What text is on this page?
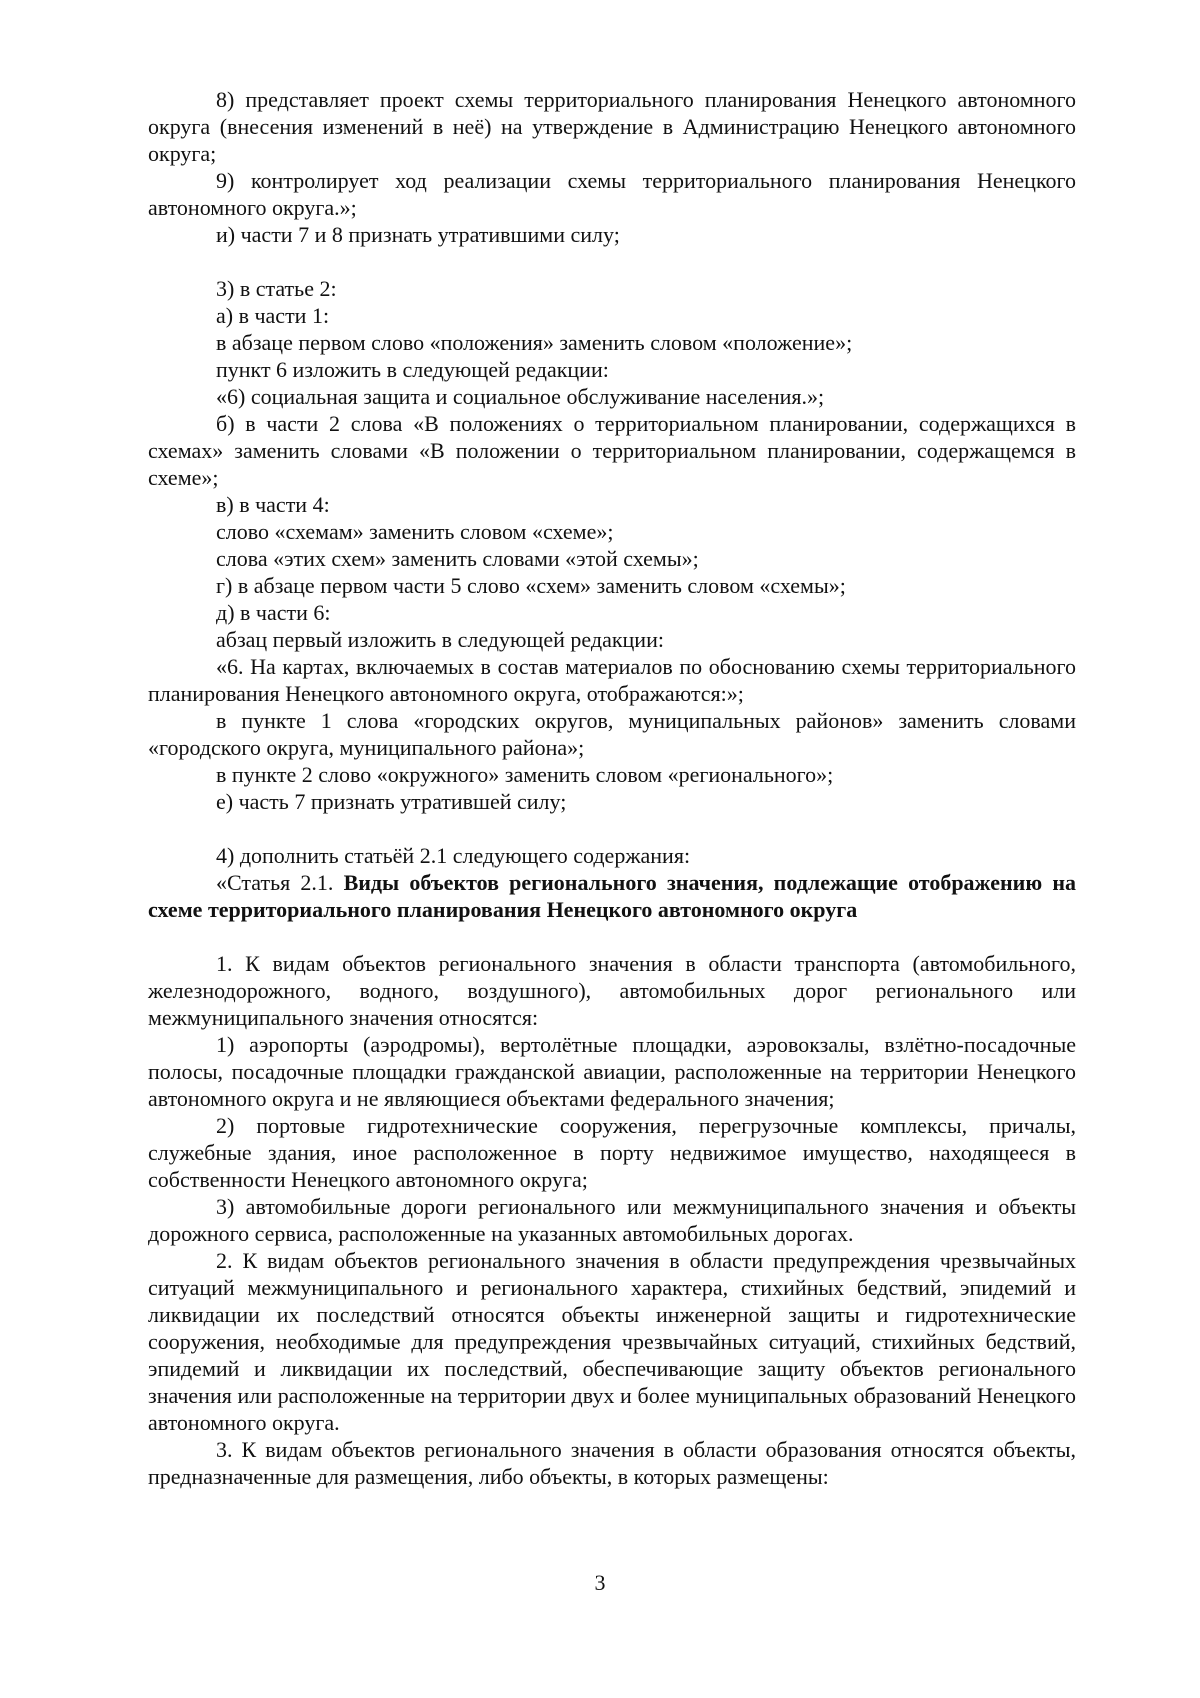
8) представляет проект схемы территориального планирования Ненецкого автономного округа (внесения изменений в неё) на утверждение в Администрацию Ненецкого автономного округа;

9) контролирует ход реализации схемы территориального планирования Ненецкого автономного округа.»;

и) части 7 и 8 признать утратившими силу;

3) в статье 2:

а) в части 1:

в абзаце первом слово «положения» заменить словом «положение»;

пункт 6 изложить в следующей редакции:

«6) социальная защита и социальное обслуживание населения.»;

б) в части 2 слова «В положениях о территориальном планировании, содержащихся в схемах» заменить словами «В положении о территориальном планировании, содержащемся в схеме»;

в) в части 4:

слово «схемам» заменить словом «схеме»;

слова «этих схем» заменить словами «этой схемы»;

г) в абзаце первом части 5 слово «схем» заменить словом «схемы»;

д) в части 6:

абзац первый изложить в следующей редакции:

«6. На картах, включаемых в состав материалов по обоснованию схемы территориального планирования Ненецкого автономного округа, отображаются:»;

в пункте 1 слова «городских округов, муниципальных районов» заменить словами «городского округа, муниципального района»;

в пункте 2 слово «окружного» заменить словом «регионального»;

е) часть 7 признать утратившей силу;

4) дополнить статьёй 2.1 следующего содержания:

«Статья 2.1. Виды объектов регионального значения, подлежащие отображению на схеме территориального планирования Ненецкого автономного округа

1. К видам объектов регионального значения в области транспорта (автомобильного, железнодорожного, водного, воздушного), автомобильных дорог регионального или межмуниципального значения относятся:

1) аэропорты (аэродромы), вертолётные площадки, аэровокзалы, взлётно-посадочные полосы, посадочные площадки гражданской авиации, расположенные на территории Ненецкого автономного округа и не являющиеся объектами федерального значения;

2) портовые гидротехнические сооружения, перегрузочные комплексы, причалы, служебные здания, иное расположенное в порту недвижимое имущество, находящееся в собственности Ненецкого автономного округа;

3) автомобильные дороги регионального или межмуниципального значения и объекты дорожного сервиса, расположенные на указанных автомобильных дорогах.

2. К видам объектов регионального значения в области предупреждения чрезвычайных ситуаций межмуниципального и регионального характера, стихийных бедствий, эпидемий и ликвидации их последствий относятся объекты инженерной защиты и гидротехнические сооружения, необходимые для предупреждения чрезвычайных ситуаций, стихийных бедствий, эпидемий и ликвидации их последствий, обеспечивающие защиту объектов регионального значения или расположенные на территории двух и более муниципальных образований Ненецкого автономного округа.

3. К видам объектов регионального значения в области образования относятся объекты, предназначенные для размещения, либо объекты, в которых размещены:

3
